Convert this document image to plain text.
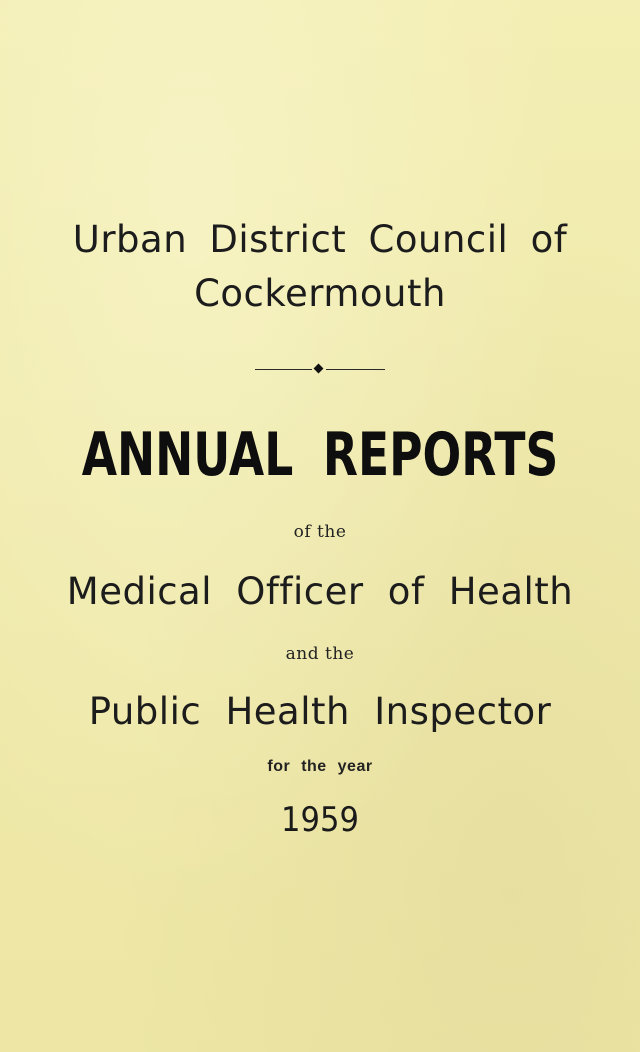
Urban District Council of
Cockermouth
ANNUAL REPORTS
of the
Medical Officer of Health
and the
Public Health Inspector
for the year
1959
